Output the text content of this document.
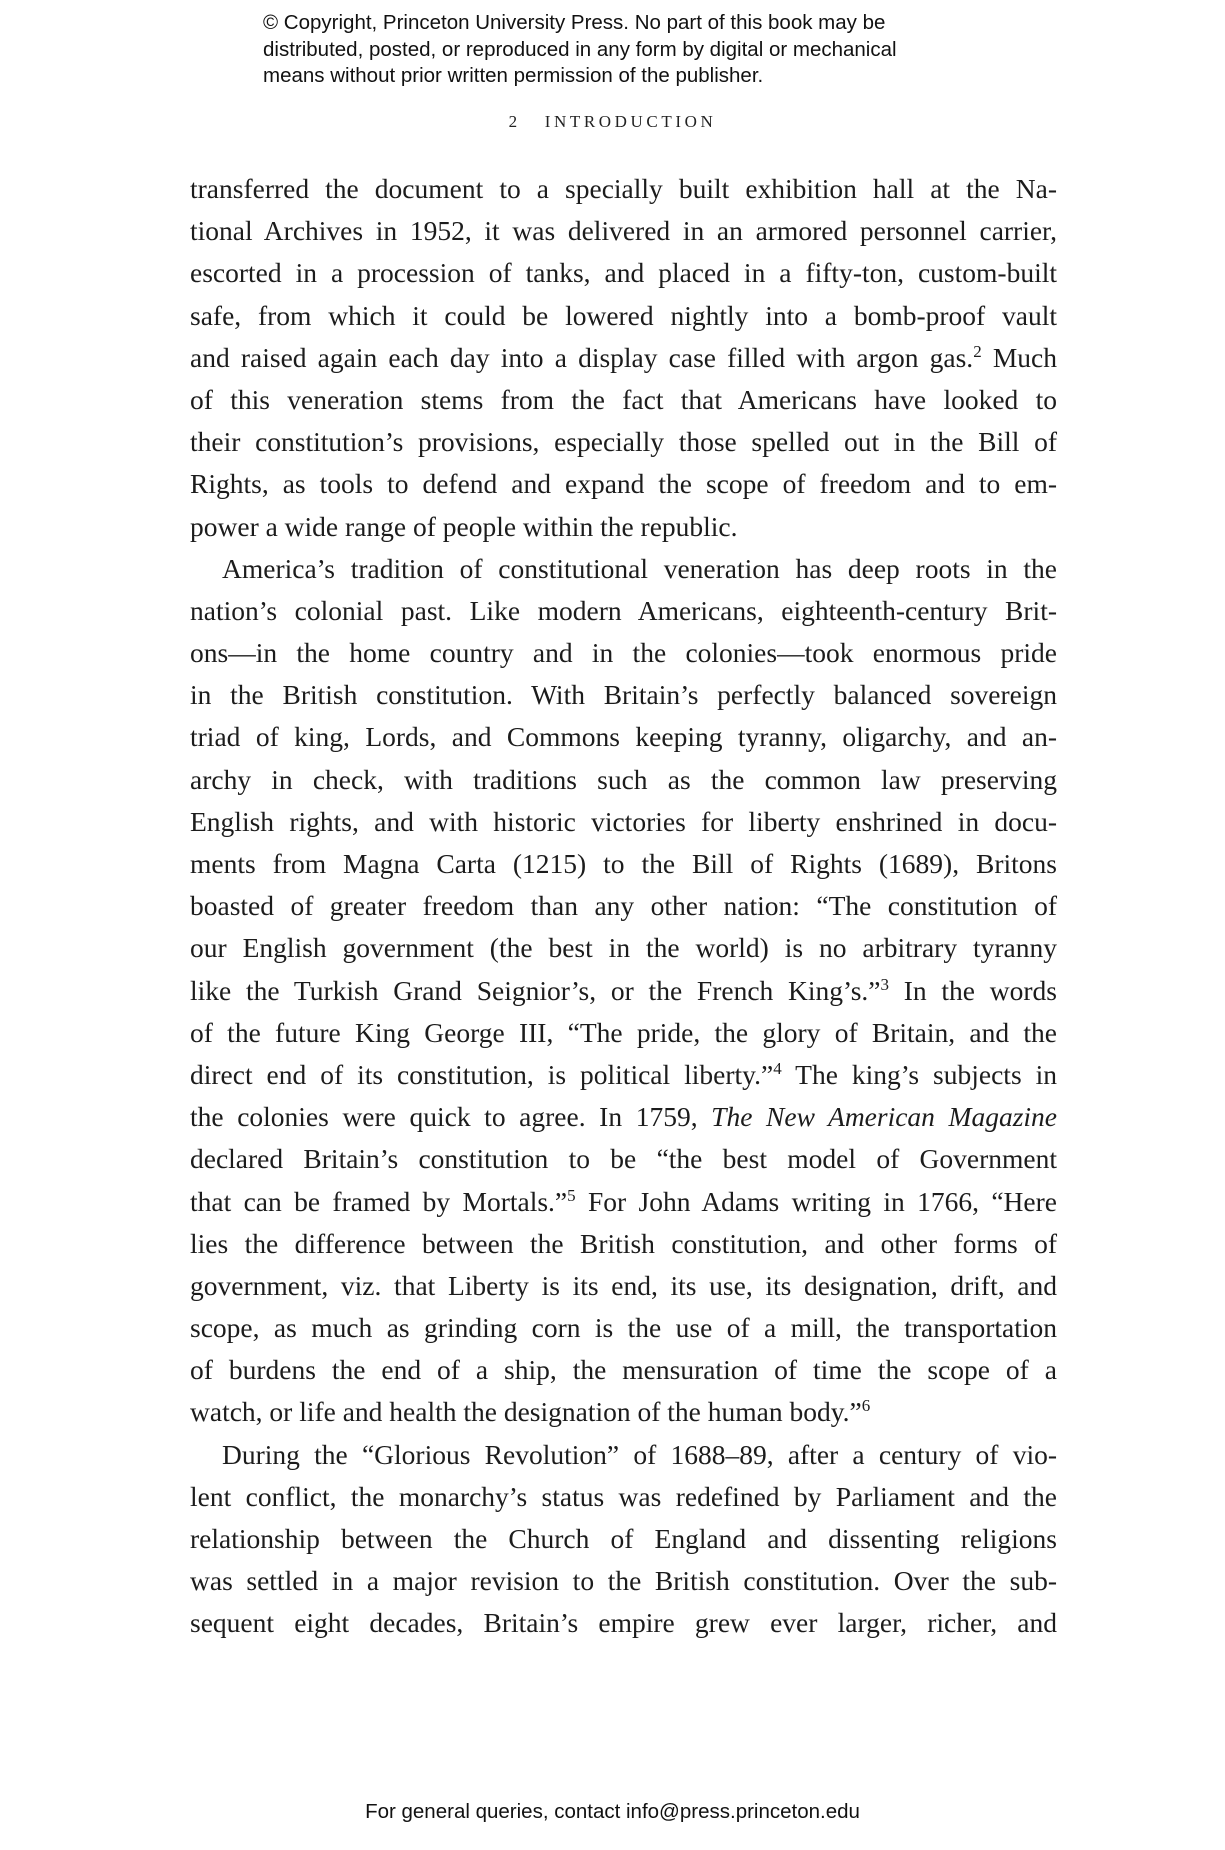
© Copyright, Princeton University Press. No part of this book may be
distributed, posted, or reproduced in any form by digital or mechanical
means without prior written permission of the publisher.
2 INTRODUCTION
transferred the document to a specially built exhibition hall at the Na-
tional Archives in 1952, it was delivered in an armored personnel carrier,
escorted in a procession of tanks, and placed in a fifty-ton, custom-built
safe, from which it could be lowered nightly into a bomb-proof vault
and raised again each day into a display case filled with argon gas.$^2$ Much
of this veneration stems from the fact that Americans have looked to
their constitution’s provisions, especially those spelled out in the Bill of
Rights, as tools to defend and expand the scope of freedom and to em-
power a wide range of people within the republic.
America’s tradition of constitutional veneration has deep roots in the
nation’s colonial past. Like modern Americans, eighteenth-century Brit-
ons—in the home country and in the colonies—took enormous pride
in the British constitution. With Britain’s perfectly balanced sovereign
triad of king, Lords, and Commons keeping tyranny, oligarchy, and an-
archy in check, with traditions such as the common law preserving
English rights, and with historic victories for liberty enshrined in docu-
ments from Magna Carta (1215) to the Bill of Rights (1689), Britons
boasted of greater freedom than any other nation: “The constitution of
our English government (the best in the world) is no arbitrary tyranny
like the Turkish Grand Seignior’s, or the French King’s.”$^3$ In the words
of the future King George III, “The pride, the glory of Britain, and the
direct end of its constitution, is political liberty.”$^4$ The king’s subjects in
the colonies were quick to agree. In 1759, The New American Magazine
declared Britain’s constitution to be “the best model of Government
that can be framed by Mortals.”$^5$ For John Adams writing in 1766, “Here
lies the difference between the British constitution, and other forms of
government, viz. that Liberty is its end, its use, its designation, drift, and
scope, as much as grinding corn is the use of a mill, the transportation
of burdens the end of a ship, the mensuration of time the scope of a
watch, or life and health the designation of the human body.”$^6$
During the “Glorious Revolution” of 1688–89, after a century of vio-
lent conflict, the monarchy’s status was redefined by Parliament and the
relationship between the Church of England and dissenting religions
was settled in a major revision to the British constitution. Over the sub-
sequent eight decades, Britain’s empire grew ever larger, richer, and
For general queries, contact info@press.princeton.edu
